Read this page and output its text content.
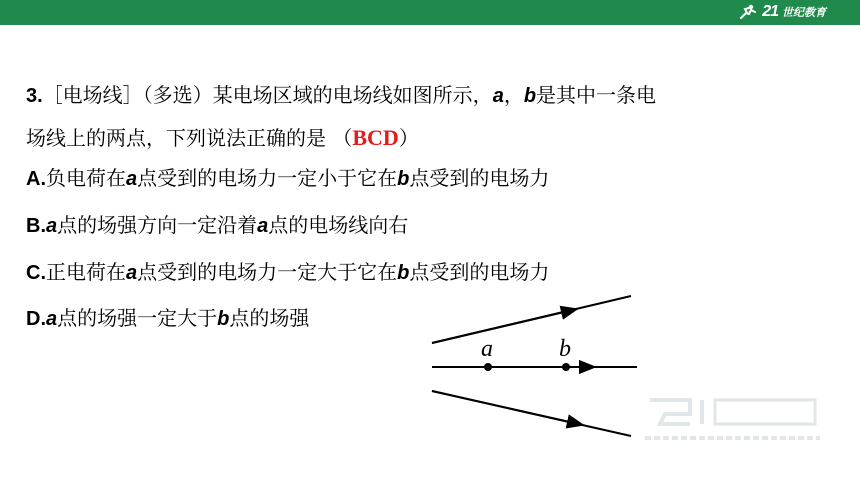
21 世纪教育
3.［电场线］（多选）某电场区域的电场线如图所示，a，b是其中一条电
场线上的两点，下列说法正确的是 （BCD）
A.负电荷在a点受到的电场力一定小于它在b点受到的电场力
B.a点的场强方向一定沿着a点的电场线向右
C.正电荷在a点受到的电场力一定大于它在b点受到的电场力
D.a点的场强一定大于b点的场强
a	b
